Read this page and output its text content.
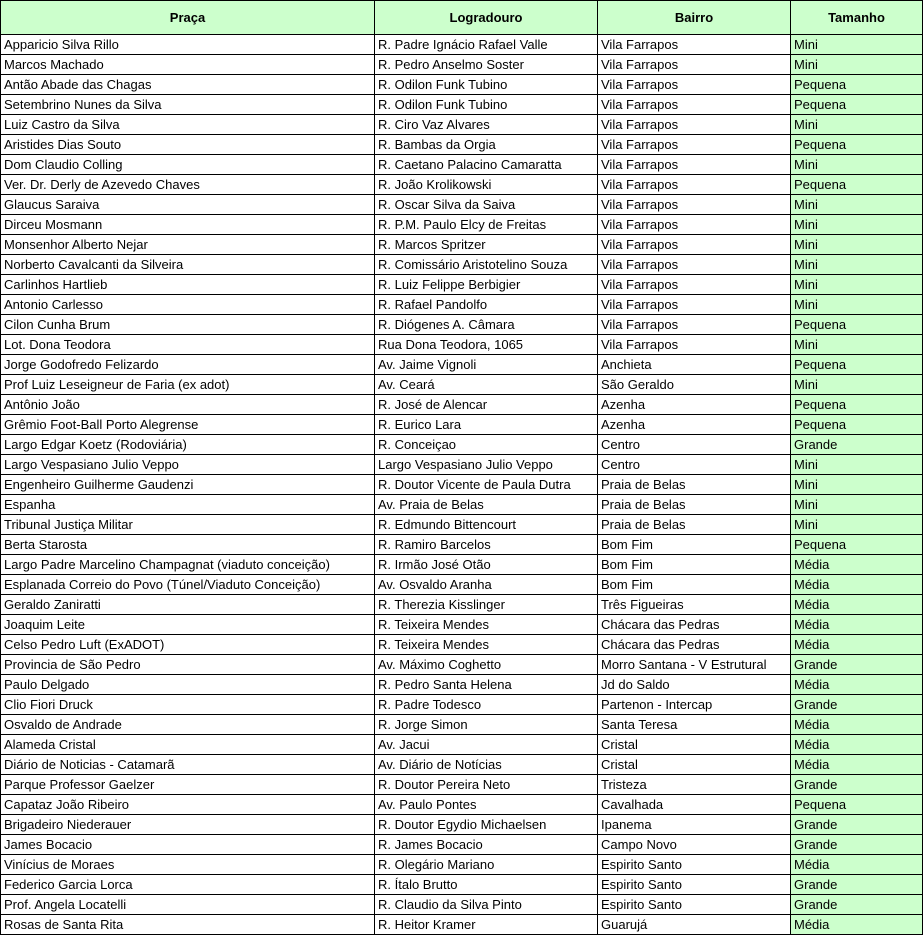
Praça	Logradouro	Bairro	Tamanho
Apparicio Silva Rillo	R. Padre Ignácio Rafael Valle	Vila Farrapos	Mini
Marcos Machado	R. Pedro Anselmo Soster	Vila Farrapos	Mini
Antão Abade das Chagas	R. Odilon Funk Tubino	Vila Farrapos	Pequena
Setembrino Nunes da Silva	R. Odilon Funk Tubino	Vila Farrapos	Pequena
Luiz Castro da Silva	R. Ciro Vaz Alvares	Vila Farrapos	Mini
Aristides Dias Souto	R. Bambas da Orgia	Vila Farrapos	Pequena
Dom Claudio Colling	R. Caetano Palacino Camaratta	Vila Farrapos	Mini
Ver. Dr. Derly de Azevedo Chaves	R. João Krolikowski	Vila Farrapos	Pequena
Glaucus Saraiva	R. Oscar Silva da Saiva	Vila Farrapos	Mini
Dirceu Mosmann	R. P.M. Paulo Elcy de Freitas	Vila Farrapos	Mini
Monsenhor Alberto Nejar	R. Marcos Spritzer	Vila Farrapos	Mini
Norberto Cavalcanti da Silveira	R. Comissário Aristotelino Souza	Vila Farrapos	Mini
Carlinhos Hartlieb	R. Luiz Felippe Berbigier	Vila Farrapos	Mini
Antonio Carlesso	R. Rafael Pandolfo	Vila Farrapos	Mini
Cilon Cunha Brum	R. Diógenes A. Câmara	Vila Farrapos	Pequena
Lot. Dona Teodora	Rua Dona Teodora, 1065	Vila Farrapos	Mini
Jorge Godofredo Felizardo	Av. Jaime Vignoli	Anchieta	Pequena
Prof Luiz Leseigneur de Faria (ex adot)	Av. Ceará	São Geraldo	Mini
Antônio João	R. José de Alencar	Azenha	Pequena
Grêmio Foot-Ball Porto Alegrense	R. Eurico Lara	Azenha	Pequena
Largo Edgar Koetz (Rodoviária)	R. Conceiçao	Centro	Grande
Largo Vespasiano Julio Veppo	Largo Vespasiano Julio Veppo	Centro	Mini
Engenheiro Guilherme Gaudenzi	R. Doutor Vicente de Paula Dutra	Praia de Belas	Mini
Espanha	Av. Praia de Belas	Praia de Belas	Mini
Tribunal Justiça Militar	R. Edmundo Bittencourt	Praia de Belas	Mini
Berta Starosta	R. Ramiro Barcelos	Bom Fim	Pequena
Largo Padre Marcelino Champagnat (viaduto conceição)	R. Irmão José Otão	Bom Fim	Média
Esplanada Correio do Povo (Túnel/Viaduto Conceição)	Av. Osvaldo Aranha	Bom Fim	Média
Geraldo Zaniratti	R. Therezia Kisslinger	Três Figueiras	Média
Joaquim Leite	R. Teixeira Mendes	Chácara das Pedras	Média
Celso Pedro Luft (ExADOT)	R. Teixeira Mendes	Chácara das Pedras	Média
Provincia de São Pedro	Av. Máximo Coghetto	Morro Santana - V Estrutural	Grande
Paulo Delgado	R. Pedro Santa Helena	Jd do Saldo	Média
Clio Fiori Druck	R. Padre Todesco	Partenon - Intercap	Grande
Osvaldo de Andrade	R. Jorge Simon	Santa Teresa	Média
Alameda Cristal	Av. Jacui	Cristal	Média
Diário de Noticias - Catamarã	Av. Diário de Notícias	Cristal	Média
Parque Professor Gaelzer	R. Doutor Pereira Neto	Tristeza	Grande
Capataz João Ribeiro	Av. Paulo Pontes	Cavalhada	Pequena
Brigadeiro Niederauer	R. Doutor Egydio Michaelsen	Ipanema	Grande
James Bocacio	R. James Bocacio	Campo Novo	Grande
Vinícius de Moraes	R. Olegário Mariano	Espirito Santo	Média
Federico Garcia Lorca	R. Ítalo Brutto	Espirito Santo	Grande
Prof. Angela Locatelli	R. Claudio da Silva Pinto	Espirito Santo	Grande
Rosas de Santa Rita	R. Heitor Kramer	Guarujá	Média
